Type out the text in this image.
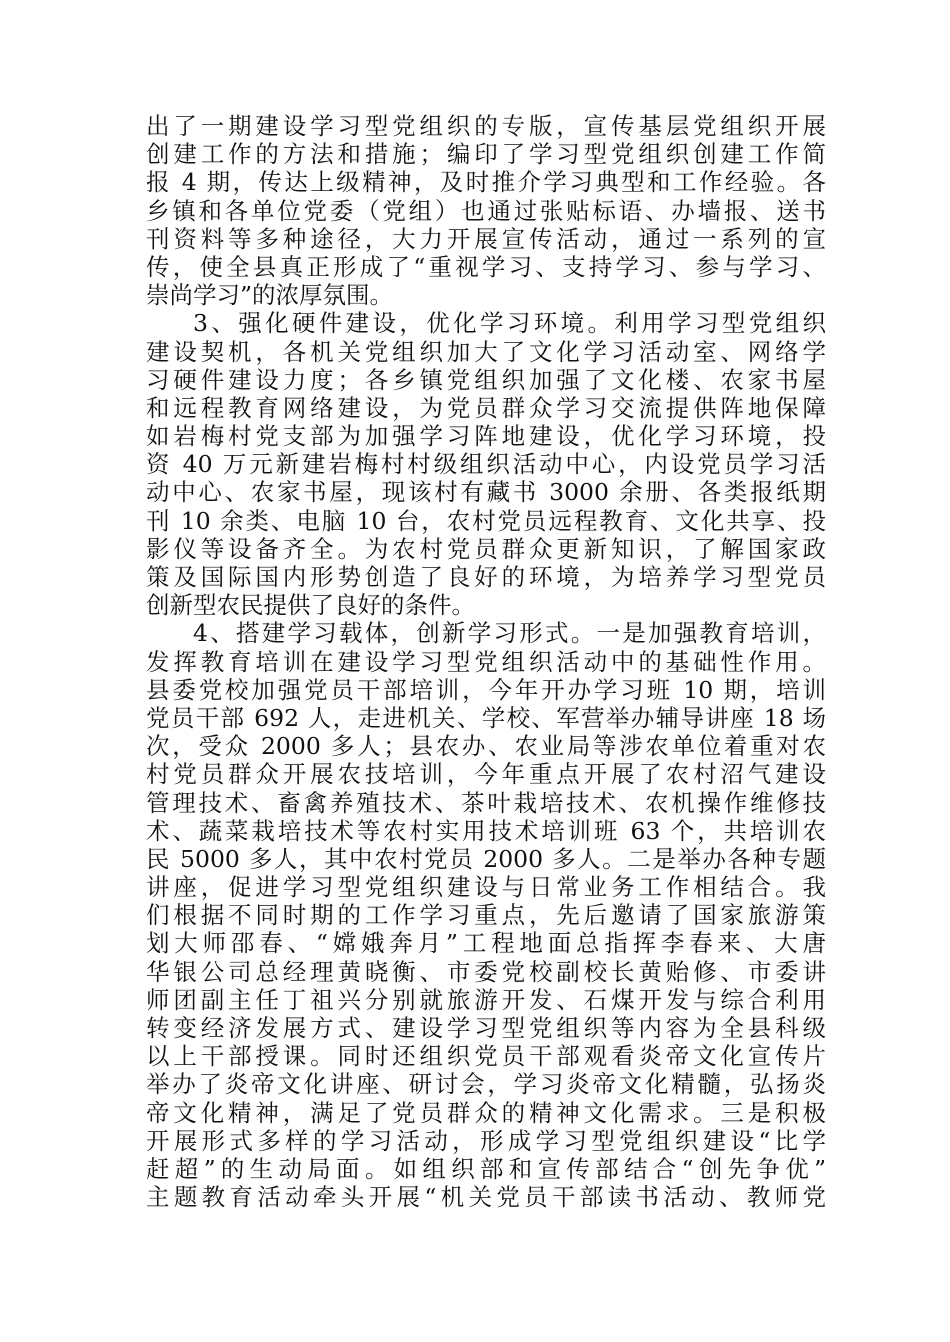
出了一期建设学习型党组织的专版，宣传基层党组织开展
创建工作的方法和措施；编印了学习型党组织创建工作简
报 4 期，传达上级精神，及时推介学习典型和工作经验。各
乡镇和各单位党委（党组）也通过张贴标语、办墙报、送书
刊资料等多种途径，大力开展宣传活动，通过一系列的宣
传，使全县真正形成了“重视学习、支持学习、参与学习、
崇尚学习”的浓厚氛围。
3、强化硬件建设，优化学习环境。利用学习型党组织
建设契机，各机关党组织加大了文化学习活动室、网络学
习硬件建设力度；各乡镇党组织加强了文化楼、农家书屋
和远程教育网络建设，为党员群众学习交流提供阵地保障
如岩梅村党支部为加强学习阵地建设，优化学习环境，投
资 40 万元新建岩梅村村级组织活动中心，内设党员学习活
动中心、农家书屋，现该村有藏书 3000 余册、各类报纸期
刊 10 余类、电脑 10 台，农村党员远程教育、文化共享、投
影仪等设备齐全。为农村党员群众更新知识，了解国家政
策及国际国内形势创造了良好的环境，为培养学习型党员
创新型农民提供了良好的条件。
4、搭建学习载体，创新学习形式。一是加强教育培训，
发挥教育培训在建设学习型党组织活动中的基础性作用。
县委党校加强党员干部培训，今年开办学习班 10 期，培训
党员干部 692 人，走进机关、学校、军营举办辅导讲座 18 场
次，受众 2000 多人；县农办、农业局等涉农单位着重对农
村党员群众开展农技培训，今年重点开展了农村沼气建设
管理技术、畜禽养殖技术、茶叶栽培技术、农机操作维修技
术、蔬菜栽培技术等农村实用技术培训班 63 个，共培训农
民 5000 多人，其中农村党员 2000 多人。二是举办各种专题
讲座，促进学习型党组织建设与日常业务工作相结合。我
们根据不同时期的工作学习重点，先后邀请了国家旅游策
划大师邵春、“嫦娥奔月”工程地面总指挥李春来、大唐
华银公司总经理黄晓衡、市委党校副校长黄贻修、市委讲
师团副主任丁祖兴分别就旅游开发、石煤开发与综合利用
转变经济发展方式、建设学习型党组织等内容为全县科级
以上干部授课。同时还组织党员干部观看炎帝文化宣传片
举办了炎帝文化讲座、研讨会，学习炎帝文化精髓，弘扬炎
帝文化精神，满足了党员群众的精神文化需求。三是积极
开展形式多样的学习活动，形成学习型党组织建设“比学
赶超”的生动局面。如组织部和宣传部结合“创先争优”
主题教育活动牵头开展“机关党员干部读书活动、教师党
